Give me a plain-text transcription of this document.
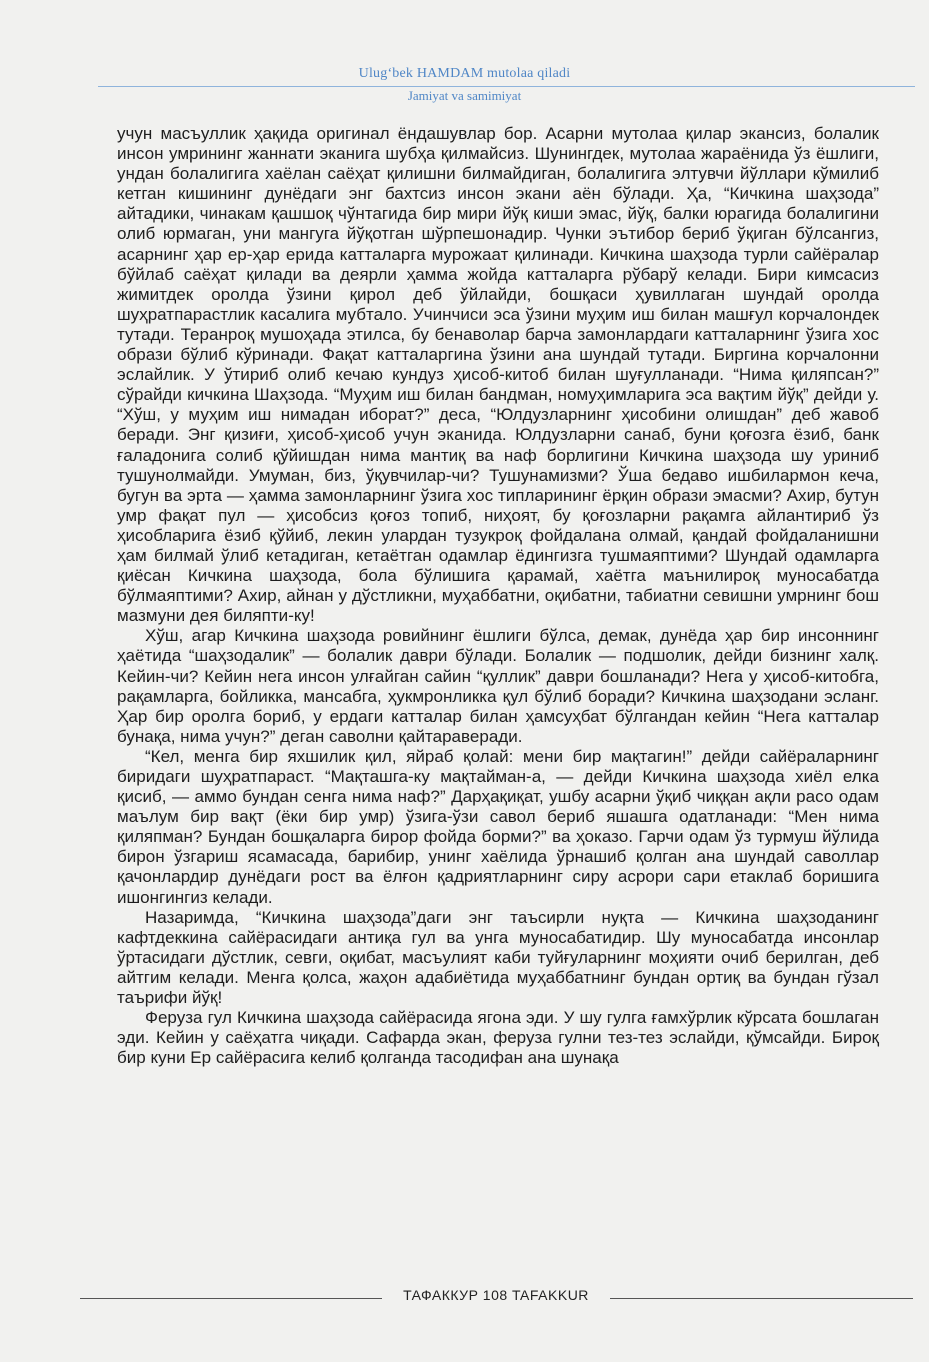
Ulug‘bek HAMDAM mutolaa qiladi
Jamiyat va samimiyat

учун масъуллик ҳақида оригинал ёндашувлар бор. Асарни мутолаа қилар экансиз, болалик инсон умрининг жаннати эканига шубҳа қилмайсиз. Шунингдек, мутолаа жараёнида ўз ёшлиги, ундан болалигига хаёлан саёҳат қилишни билмайдиган, болалигига элтувчи йўллари кўмилиб кетган кишининг дунёдаги энг бахтсиз инсон экани аён бўлади. Ҳа, “Кичкина шаҳзода” айтадики, чинакам қашшоқ чўнтагида бир мири йўқ киши эмас, йўқ, балки юрагида болалигини олиб юрмаган, уни мангуга йўқотган шўрпешонадир. Чунки эътибор бериб ўқиган бўлсангиз, асарнинг ҳар ер-ҳар ерида катталарга мурожаат қилинади. Кичкина шаҳзода турли сайёралар бўйлаб саёҳат қилади ва деярли ҳамма жойда катталарга рўбарў келади. Бири кимсасиз жимитдек оролда ўзини қирол деб ўйлайди, бошқаси ҳувиллаган шундай оролда шуҳратпарастлик касалига мубтало. Учинчиси эса ўзини муҳим иш билан машғул корчалондек тутади. Теранроқ мушоҳада этилса, бу бенаволар барча замонлардаги катталарнинг ўзига хос образи бўлиб кўринади. Фақат катталаргина ўзини ана шундай тутади. Биргина корчалонни эслайлик. У ўтириб олиб кечаю кундуз ҳисоб-китоб билан шуғулланади. “Нима қиляпсан?” сўрайди кичкина Шаҳзода. “Муҳим иш билан бандман, номуҳимларига эса вақтим йўқ” дейди у. “Хўш, у муҳим иш нимадан иборат?” деса, “Юлдузларнинг ҳисобини олишдан” деб жавоб беради. Энг қизиғи, ҳисоб-ҳисоб учун эканида. Юлдузларни санаб, буни қоғозга ёзиб, банк ғаладонига солиб қўйишдан нима мантиқ ва наф борлигини Кичкина шаҳзода шу уриниб тушунолмайди. Умуман, биз, ўқувчилар-чи? Тушунамизми? Ўша бедаво ишбилармон кеча, бугун ва эрта — ҳамма замонларнинг ўзига хос типларининг ёрқин образи эмасми? Ахир, бутун умр фақат пул — ҳисобсиз қоғоз топиб, ниҳоят, бу қоғозларни рақамга айлантириб ўз ҳисобларига ёзиб қўйиб, лекин улардан тузукроқ фойдалана олмай, қандай фойдаланишни ҳам билмай ўлиб кетадиган, кетаётган одамлар ёдингизга тушмаяптими? Шундай одамларга қиёсан Кичкина шаҳзода, бола бўлишига қарамай, хаётга маънилироқ муносабатда бўлмаяптими? Ахир, айнан у дўстликни, муҳаббатни, оқибатни, табиатни севишни умрнинг бош мазмуни дея биляпти-ку!

Хўш, агар Кичкина шаҳзода ровийнинг ёшлиги бўлса, демак, дунёда ҳар бир инсоннинг ҳаётида “шаҳзодалик” — болалик даври бўлади. Болалик — подшолик, дейди бизнинг халқ. Кейин-чи? Кейин нега инсон улғайган сайин “қуллик” даври бошланади? Нега у ҳисоб-китобга, рақамларга, бойликка, мансабга, ҳукмронликка қул бўлиб боради? Кичкина шаҳзодани эсланг. Ҳар бир оролга бориб, у ердаги катталар билан ҳамсуҳбат бўлгандан кейин “Нега катталар бунақа, нима учун?” деган саволни қайтараверади.

“Кел, менга бир яхшилик қил, яйраб қолай: мени бир мақтагин!” дейди сайёраларнинг биридаги шуҳратпараст. “Мақташга-ку мақтайман-а, — дейди Кичкина шаҳзода хиёл елка қисиб, — аммо бундан сенга нима наф?” Дарҳақиқат, ушбу асарни ўқиб чиққан ақли расо одам маълум бир вақт (ёки бир умр) ўзига-ўзи савол бериб яшашга одатланади: “Мен нима қиляпман? Бундан бошқаларга бирор фойда борми?” ва ҳоказо. Гарчи одам ўз турмуш йўлида бирон ўзгариш ясамасада, барибир, унинг хаёлида ўрнашиб қолган ана шундай саволлар қачонлардир дунёдаги рост ва ёлғон қадриятларнинг сиру асрори сари етаклаб боришига ишонгингиз келади.

Назаримда, “Кичкина шаҳзода”даги энг таъсирли нуқта — Кичкина шаҳзоданинг кафтдеккина сайёрасидаги антиқа гул ва унга муносабатидир. Шу муносабатда инсонлар ўртасидаги дўстлик, севги, оқибат, масъулият каби туйғуларнинг моҳияти очиб берилган, деб айтгим келади. Менга қолса, жаҳон адабиётида муҳаббатнинг бундан ортиқ ва бундан гўзал таърифи йўқ!

Феруза гул Кичкина шаҳзода сайёрасида ягона эди. У шу гулга ғамхўрлик кўрсата бошлаган эди. Кейин у саёҳатга чиқади. Сафарда экан, феруза гулни тез-тез эслайди, қўмсайди. Бироқ бир куни Ер сайёрасига келиб қолганда тасодифан ана шунақа

ТАФАККУР 108 TAFAKKUR
